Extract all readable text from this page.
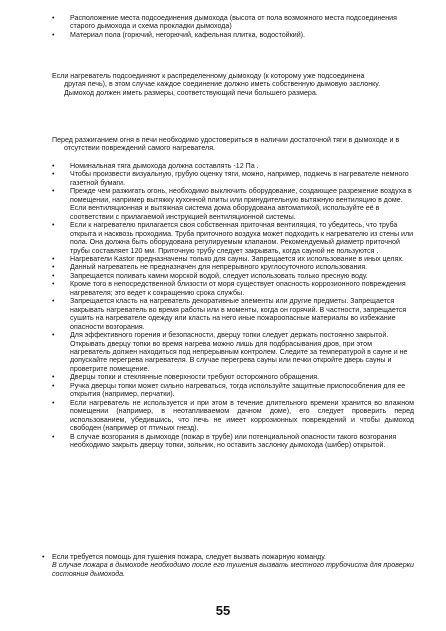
• Расположение места подсоединения дымохода (высота от пола возможного места подсоединения старого дымохода и схема прокладки дымохода)
• Материал пола (горючий, негорючий, кафельная плитка, водостойкий).
Если нагреватель подсоединяют к распределенному дымоходу (к которому уже подсоединена другая печь), в этом случае каждое соединение должно иметь собственную дымовую заслонку. Дымоход должен иметь размеры, соответствующий печи большего размера.
Перед разжиганием огня в печи необходимо удостовериться в наличии достаточной тяги в дымоходе и в отсутствии повреждений самого нагревателя.
• Номинальная тяга дымохода должна составлять -12 Па .
• Чтобы произвести визуальную, грубую оценку тяги, можно, например, поджечь в нагревателе немного газетной бумаги.
• Прежде чем разжигать огонь, необходимо выключить оборудование, создающее разрежение воздуха в помещении, например вытяжку кухонной плиты или принудительную вытяжную вентиляцию в доме. Если вентиляционная и вытяжная система дома оборудована автоматикой, используйте её в соответствии с прилагаемой инструкцией вентиляционной системы.
• Если к нагревателю прилагается своя собственная приточная вентиляция, то убедитесь, что труба открыта и насквозь проходима. Труба приточного воздуха может подходить к нагревателю из стены или пола. Она должна быть оборудована регулируемым клапаном. Рекомендуемый диаметр приточной трубы составляет 120 мм. Приточную трубу следует закрывать, когда сауной не пользуются .
• Нагреватели Kastor предназначены только для сауны. Запрещается их использование в иных целях.
• Данный нагреватель не предназначен для непрерывного круглосуточного использования.
• Запрещается поливать камни морской водой, следует использовать только пресную воду.
• Кроме того в непосредственной близости от моря существует опасность коррозионного повреждения нагревателя; это ведет к сокращению срока службы.
• Запрещается класть на нагреватель декоративные элементы или другие предметы. Запрещается накрывать нагреватель во время работы или в моменты, когда он горячий. В частности, запрещается сушить на нагревателе одежду или класть на него иные пожароопасные материалы во избежание опасности возгорания.
• Для эффективного горения и безопасности, дверцу топки следует держать постоянно закрытой. Открывать дверцу топки во время нагрева можно лишь для подбрасывания дров, при этом нагреватель должен находиться под непрерывным контролем. Следите за температурой в сауне и не допускайте перегрева нагревателя. В случае перегрева сауны или печки откройте дверь сауны и проветрите помещение.
• Дверцы топки и стеклянные поверхности требуют осторожного обращения.
• Ручка дверцы топки может сильно нагреваться, тогда используйте защитные приспособления для ее открытия (например, перчатки).
• Если нагреватель не используется и при этом в течение длительного времени хранится во влажном помещении (например, в неотапливаемом дачном доме), его следует проверить перед использованием, убедившись, что печь не имеет коррозионных повреждений и чтобы дымоход свободен (например от птичьих гнезд).
• В случае возгорания в дымоходе (пожар в трубе) или потенциальной опасности такого возгорания необходимо закрыть дверцу топки, зольник, но оставить заслонку дымохода (шибер) открытой.
• Если требуется помощь для тушения пожара, следует вызвать пожарную команду.
В случае пожара в дымоходе необходимо после его тушения вызвать местного трубочиста для проверки состояния дымохода.
55
